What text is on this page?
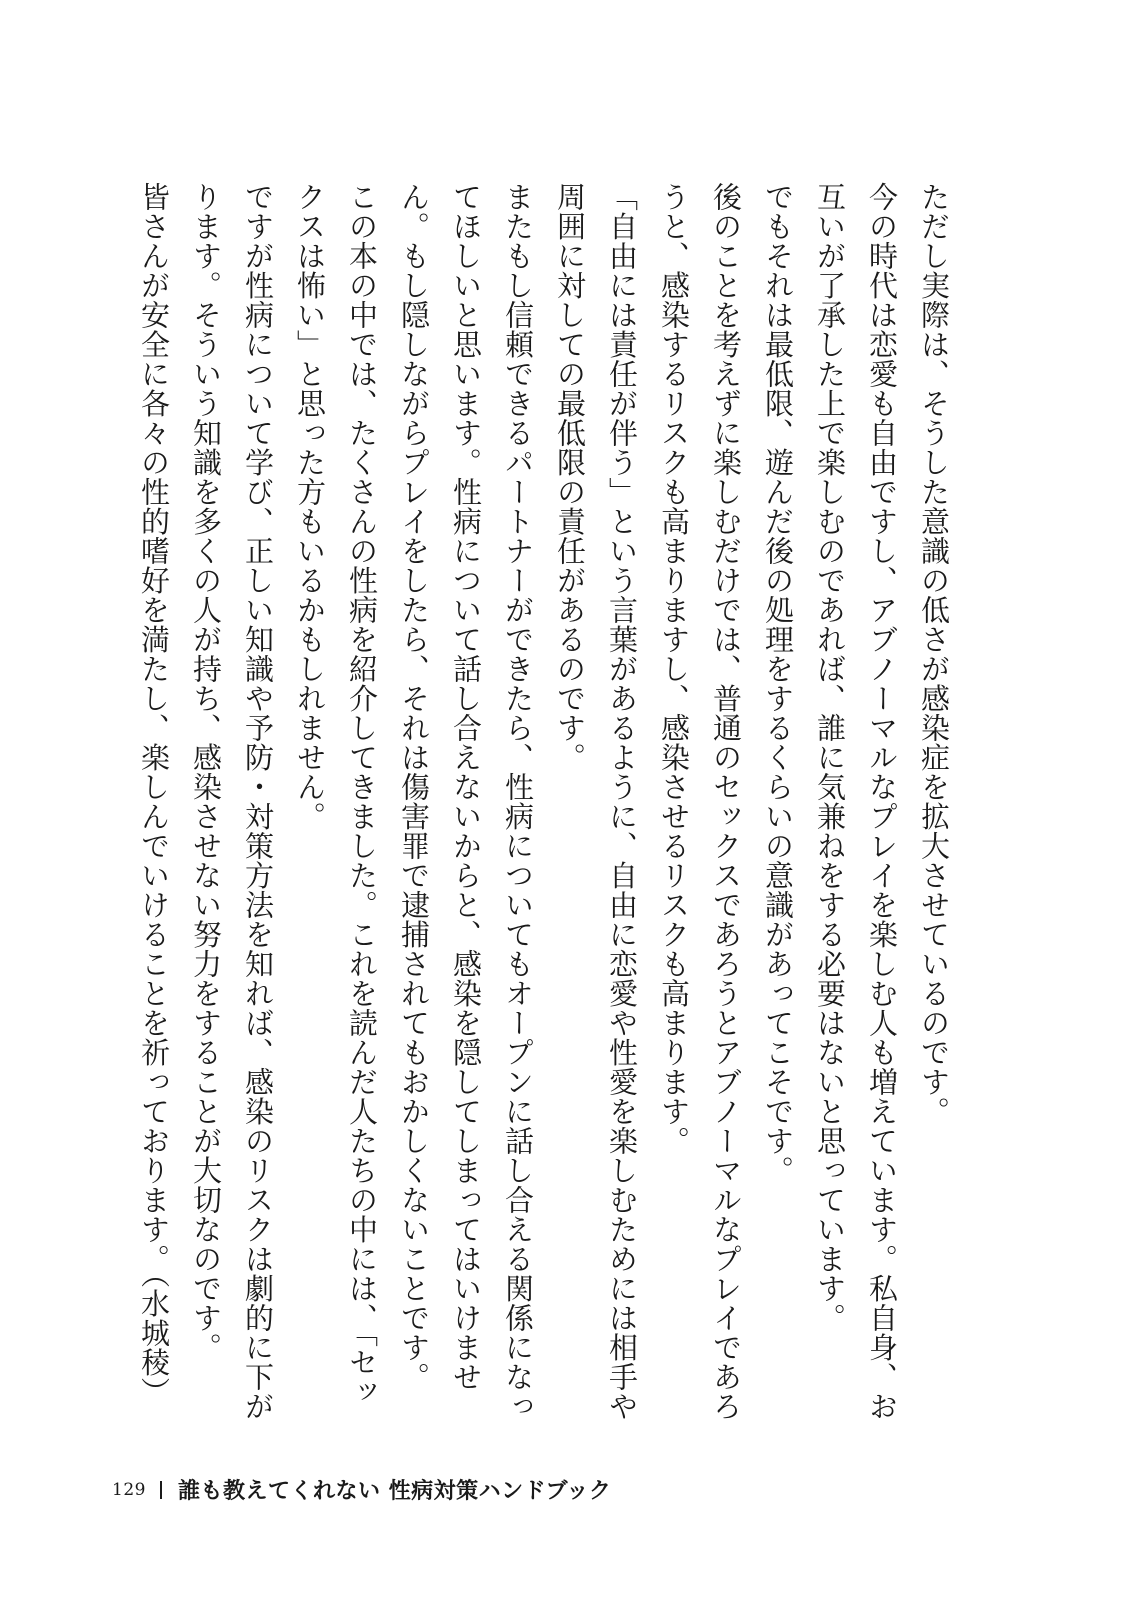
ただし実際は、そうした意識の低さが感染症を拡大させているのです。

今の時代は恋愛も自由ですし、アブノーマルなプレイを楽しむ人も増えています。私自身、お互いが了承した上で楽しむのであれば、誰に気兼ねをする必要はないと思っています。

でもそれは最低限、遊んだ後の処理をするくらいの意識があってこそです。

後のことを考えずに楽しむだけでは、普通のセックスであろうとアブノーマルなプレイであろうと、感染するリスクも高まりますし、感染させるリスクも高まります。

「自由には責任が伴う」という言葉があるように、自由に恋愛や性愛を楽しむためには相手や周囲に対しての最低限の責任があるのです。

またもし信頼できるパートナーができたら、性病についてもオープンに話し合える関係になってほしいと思います。性病について話し合えないからと、感染を隠してしまってはいけません。もし隠しながらプレイをしたら、それは傷害罪で逮捕されてもおかしくないことです。

この本の中では、たくさんの性病を紹介してきました。これを読んだ人たちの中には、「セックスは怖い」と思った方もいるかもしれません。

ですが性病について学び、正しい知識や予防・対策方法を知れば、感染のリスクは劇的に下がります。そういう知識を多くの人が持ち、感染させない努力をすることが大切なのです。

皆さんが安全に各々の性的嗜好を満たし、楽しんでいけることを祈っております。（水城稜）

129 誰も教えてくれない 性病対策ハンドブック
